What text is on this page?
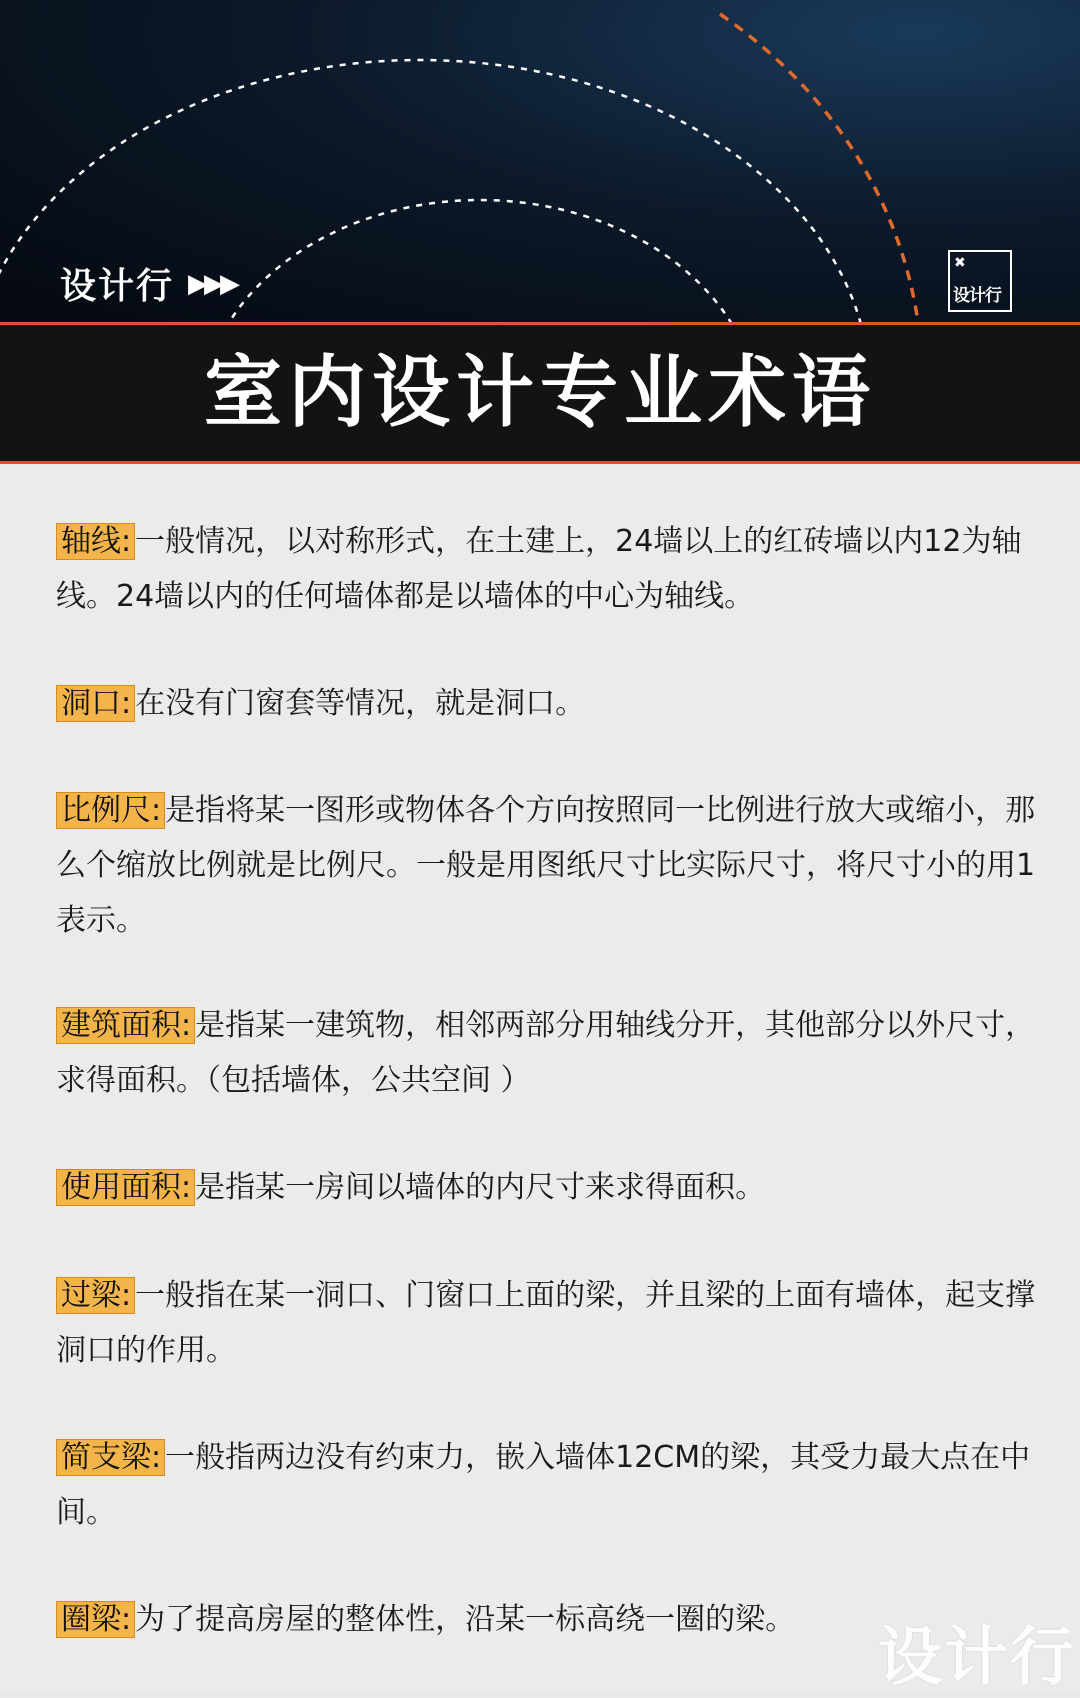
设计行 ▶▶▶
✖
设计行
室内设计专业术语
轴线: 一般情况，以对称形式，在土建上，24墙以上的红砖墙以内12为轴线。24墙以内的任何墙体都是以墙体的中心为轴线。
洞口: 在没有门窗套等情况，就是洞口。
比例尺: 是指将某一图形或物体各个方向按照同一比例进行放大或缩小，那么个缩放比例就是比例尺。一般是用图纸尺寸比实际尺寸，将尺寸小的用1表示。
建筑面积: 是指某一建筑物，相邻两部分用轴线分开，其他部分以外尺寸，求得面积。（包括墙体，公共空间 ）
使用面积: 是指某一房间以墙体的内尺寸来求得面积。
过梁: 一般指在某一洞口、门窗口上面的梁，并且梁的上面有墙体，起支撑洞口的作用。
简支梁: 一般指两边没有约束力，嵌入墙体12CM的梁，其受力最大点在中间。
圈梁: 为了提高房屋的整体性，沿某一标高绕一圈的梁。
设计行
